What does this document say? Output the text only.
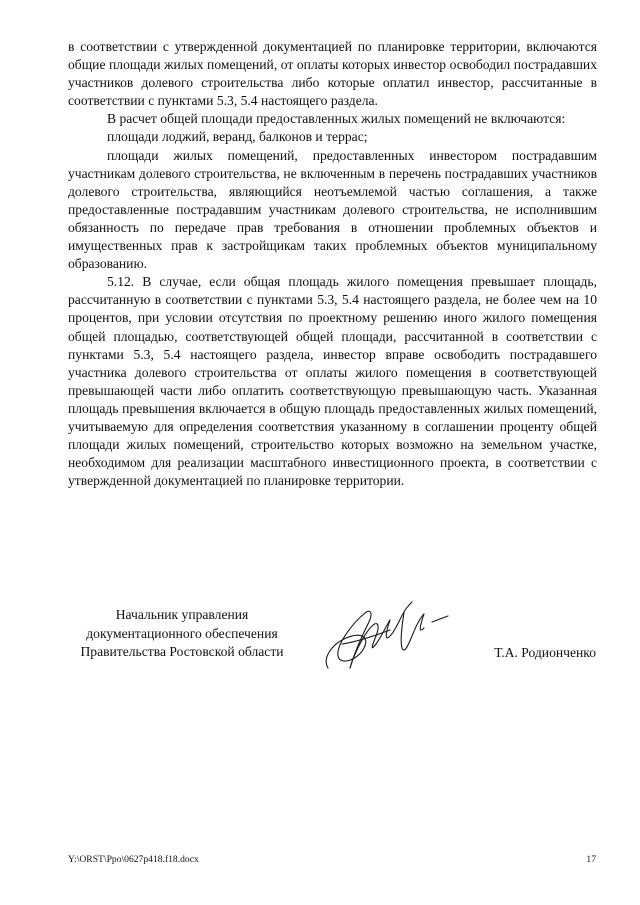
в соответствии с утвержденной документацией по планировке территории, включаются общие площади жилых помещений, от оплаты которых инвестор освободил пострадавших участников долевого строительства либо которые оплатил инвестор, рассчитанные в соответствии с пунктами 5.3, 5.4 настоящего раздела.

В расчет общей площади предоставленных жилых помещений не включаются:

площади лоджий, веранд, балконов и террас;

площади жилых помещений, предоставленных инвестором пострадавшим участникам долевого строительства, не включенным в перечень пострадавших участников долевого строительства, являющийся неотъемлемой частью соглашения, а также предоставленные пострадавшим участникам долевого строительства, не исполнившим обязанность по передаче прав требования в отношении проблемных объектов и имущественных прав к застройщикам таких проблемных объектов муниципальному образованию.

5.12. В случае, если общая площадь жилого помещения превышает площадь, рассчитанную в соответствии с пунктами 5.3, 5.4 настоящего раздела, не более чем на 10 процентов, при условии отсутствия по проектному решению иного жилого помещения общей площадью, соответствующей общей площади, рассчитанной в соответствии с пунктами 5.3, 5.4 настоящего раздела, инвестор вправе освободить пострадавшего участника долевого строительства от оплаты жилого помещения в соответствующей превышающей части либо оплатить соответствующую превышающую часть. Указанная площадь превышения включается в общую площадь предоставленных жилых помещений, учитываемую для определения соответствия указанному в соглашении проценту общей площади жилых помещений, строительство которых возможно на земельном участке, необходимом для реализации масштабного инвестиционного проекта, в соответствии с утвержденной документацией по планировке территории.

Начальник управления
документационного обеспечения
Правительства Ростовской области	Т.А. Родионченко
Y:\ORST\Ppo\0627p418.f18.docx	17
